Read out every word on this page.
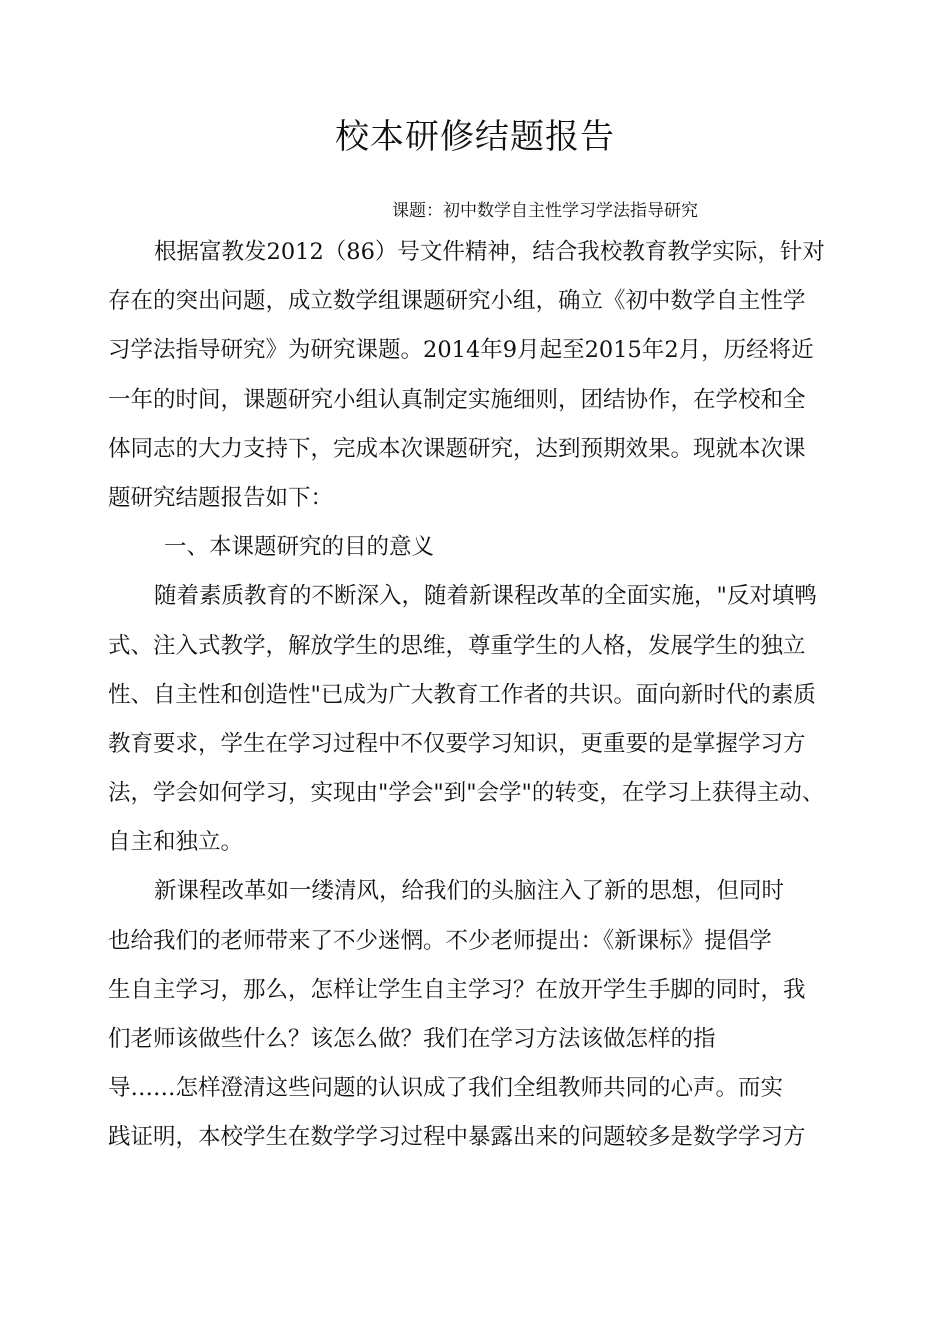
校本研修结题报告

课题：初中数学自主性学习学法指导研究

根据富教发2012（86）号文件精神，结合我校教育教学实际，针对

存在的突出问题，成立数学组课题研究小组，确立《初中数学自主性学

习学法指导研究》为研究课题。2014年9月起至2015年2月，历经将近

一年的时间，课题研究小组认真制定实施细则，团结协作，在学校和全

体同志的大力支持下，完成本次课题研究，达到预期效果。现就本次课

题研究结题报告如下：

一、本课题研究的目的意义

随着素质教育的不断深入，随着新课程改革的全面实施，"反对填鸭

式、注入式教学，解放学生的思维，尊重学生的人格，发展学生的独立

性、自主性和创造性"已成为广大教育工作者的共识。面向新时代的素质

教育要求，学生在学习过程中不仅要学习知识，更重要的是掌握学习方

法，学会如何学习，实现由"学会"到"会学"的转变，在学习上获得主动、

自主和独立。

新课程改革如一缕清风，给我们的头脑注入了新的思想，但同时

也给我们的老师带来了不少迷惘。不少老师提出：《新课标》提倡学

生自主学习，那么，怎样让学生自主学习？在放开学生手脚的同时，我

们老师该做些什么？该怎么做？我们在学习方法该做怎样的指

导……怎样澄清这些问题的认识成了我们全组教师共同的心声。而实

践证明，本校学生在数学学习过程中暴露出来的问题较多是数学学习方
